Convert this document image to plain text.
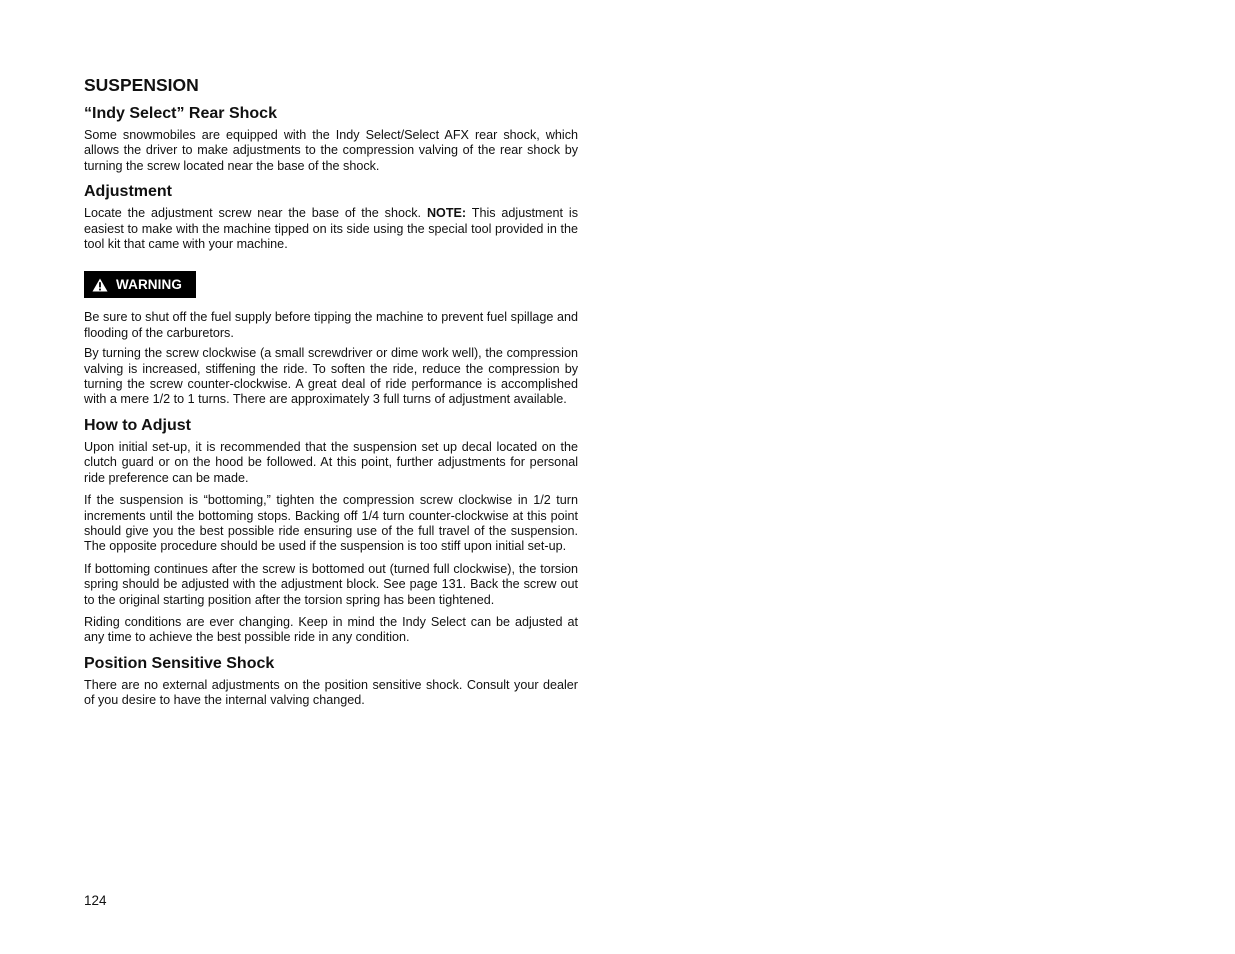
SUSPENSION
“Indy Select” Rear Shock

Some snowmobiles are equipped with the Indy Select/Select AFX rear shock, which allows the driver to make adjustments to the compression valving of the rear shock by turning the screw located near the base of the shock.

Adjustment

Locate the adjustment screw near the base of the shock. NOTE: This adjustment is easiest to make with the machine tipped on its side using the special tool provided in the tool kit that came with your machine.

WARNING

Be sure to shut off the fuel supply before tipping the machine to prevent fuel spillage and flooding of the carburetors.

By turning the screw clockwise (a small screwdriver or dime work well), the compression valving is increased, stiffening the ride. To soften the ride, reduce the compression by turning the screw counter-clockwise. A great deal of ride performance is accomplished with a mere 1/2 to 1 turns. There are approximately 3 full turns of adjustment available.

How to Adjust

Upon initial set-up, it is recommended that the suspension set up decal located on the clutch guard or on the hood be followed. At this point, further adjustments for personal ride preference can be made.

If the suspension is “bottoming,” tighten the compression screw clockwise in 1/2 turn increments until the bottoming stops. Backing off 1/4 turn counter-clockwise at this point should give you the best possible ride ensuring use of the full travel of the suspension. The opposite procedure should be used if the suspension is too stiff upon initial set-up.

If bottoming continues after the screw is bottomed out (turned full clockwise), the torsion spring should be adjusted with the adjustment block. See page 131. Back the screw out to the original starting position after the torsion spring has been tightened.

Riding conditions are ever changing. Keep in mind the Indy Select can be adjusted at any time to achieve the best possible ride in any condition.

Position Sensitive Shock

There are no external adjustments on the position sensitive shock. Consult your dealer of you desire to have the internal valving changed.

124
